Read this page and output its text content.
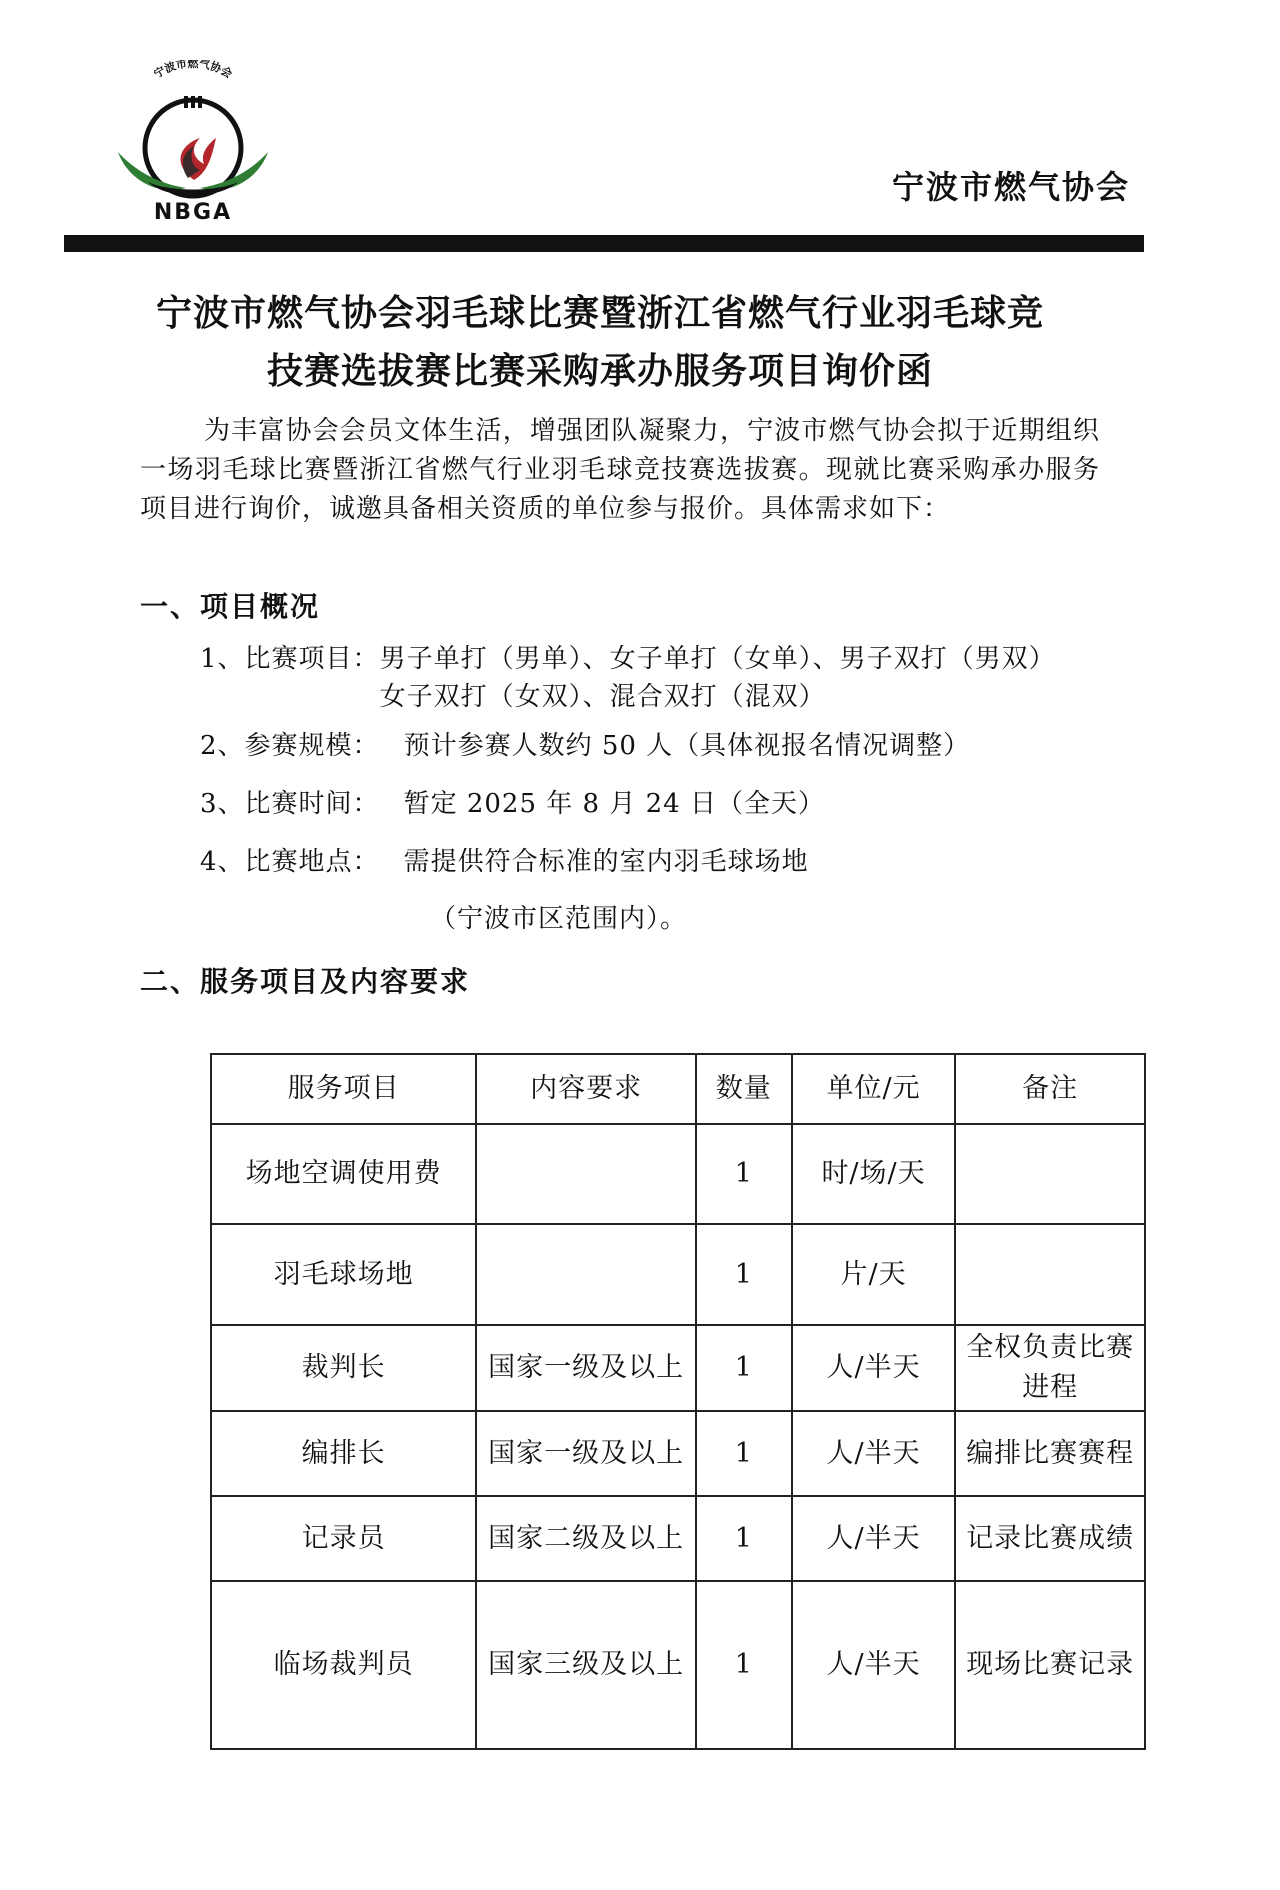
宁波市燃气协会
NBGA
宁波市燃气协会
宁波市燃气协会羽毛球比赛暨浙江省燃气行业羽毛球竞
技赛选拔赛比赛采购承办服务项目询价函
为丰富协会会员文体生活，增强团队凝聚力，宁波市燃气协会拟于近期组织一场羽毛球比赛暨浙江省燃气行业羽毛球竞技赛选拔赛。现就比赛采购承办服务项目进行询价，诚邀具备相关资质的单位参与报价。具体需求如下：
一、项目概况
1、 比赛项目： 男子单打（男单）、女子单打（女单）、男子双打（男双）女子双打（女双）、混合双打（混双）
2、 参赛规模： 预计参赛人数约 50 人（具体视报名情况调整）
3、 比赛时间： 暂定 2025 年 8 月 24 日（全天）
4、 比赛地点： 需提供符合标准的室内羽毛球场地
（宁波市区范围内）。
二、服务项目及内容要求
服务项目	内容要求	数量	单位/元	备注
场地空调使用费		1	时/场/天	
羽毛球场地		1	片/天	
裁判长	国家一级及以上	1	人/半天	全权负责比赛进程
编排长	国家一级及以上	1	人/半天	编排比赛赛程
记录员	国家二级及以上	1	人/半天	记录比赛成绩
临场裁判员	国家三级及以上	1	人/半天	现场比赛记录
